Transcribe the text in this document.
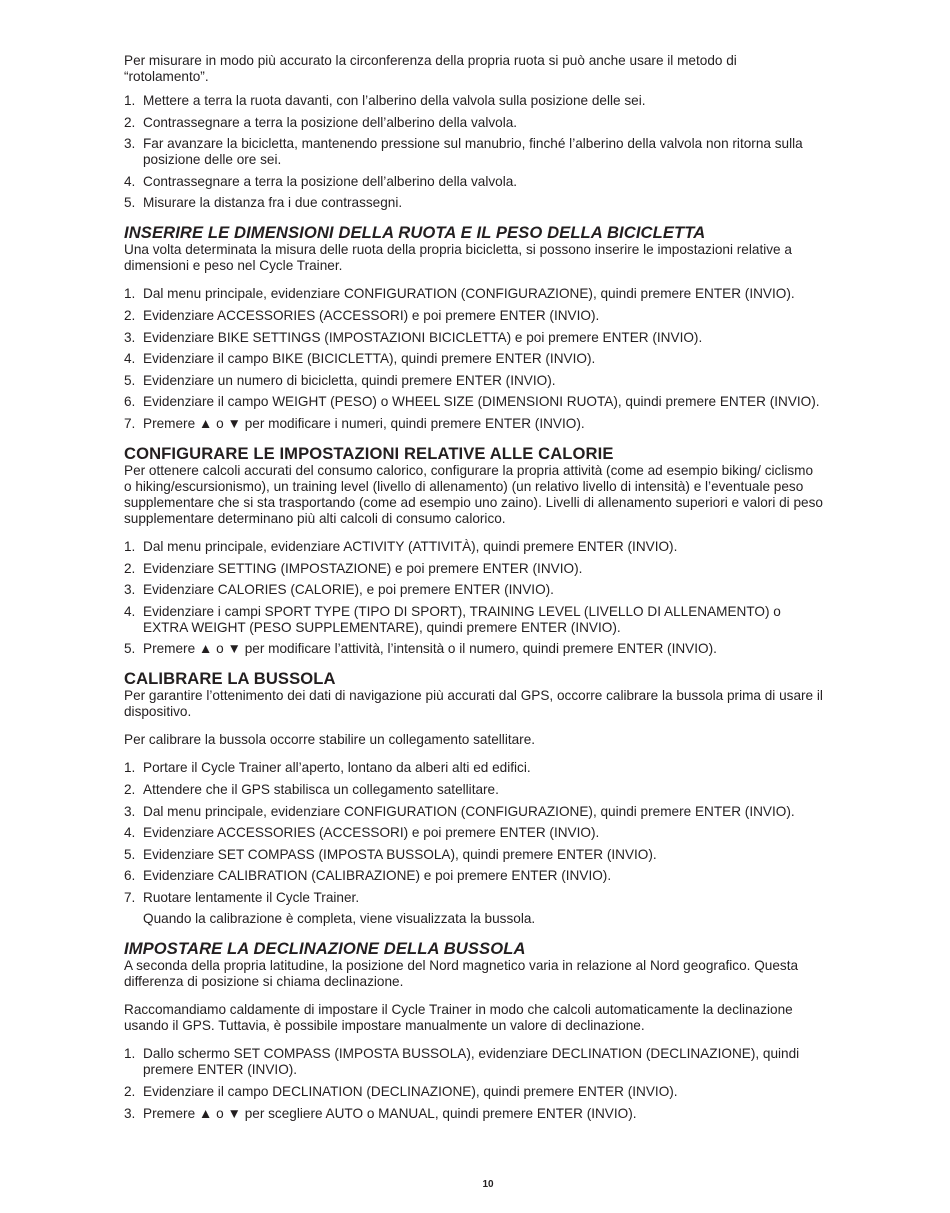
Per misurare in modo più accurato la circonferenza della propria ruota si può anche usare il metodo di “rotolamento”.

1. Mettere a terra la ruota davanti, con l’alberino della valvola sulla posizione delle sei.
2. Contrassegnare a terra la posizione dell’alberino della valvola.
3. Far avanzare la bicicletta, mantenendo pressione sul manubrio, finché l’alberino della valvola non ritorna sulla posizione delle ore sei.
4. Contrassegnare a terra la posizione dell’alberino della valvola.
5. Misurare la distanza fra i due contrassegni.
INSERIRE LE DIMENSIONI DELLA RUOTA E IL PESO DELLA BICICLETTA

Una volta determinata la misura delle ruota della propria bicicletta, si possono inserire le impostazioni relative a dimensioni e peso nel Cycle Trainer.

1. Dal menu principale, evidenziare CONFIGURATION (CONFIGURAZIONE), quindi premere ENTER (INVIO).
2. Evidenziare ACCESSORIES (ACCESSORI) e poi premere ENTER (INVIO).
3. Evidenziare BIKE SETTINGS (IMPOSTAZIONI BICICLETTA) e poi premere ENTER (INVIO).
4. Evidenziare il campo BIKE (BICICLETTA), quindi premere ENTER (INVIO).
5. Evidenziare un numero di bicicletta, quindi premere ENTER (INVIO).
6. Evidenziare il campo WEIGHT (PESO) o WHEEL SIZE (DIMENSIONI RUOTA), quindi premere ENTER (INVIO).
7. Premere ▲ o ▼ per modificare i numeri, quindi premere ENTER (INVIO).
CONFIGURARE LE IMPOSTAZIONI RELATIVE ALLE CALORIE

Per ottenere calcoli accurati del consumo calorico, configurare la propria attività (come ad esempio biking/ ciclismo o hiking/escursionismo), un training level (livello di allenamento) (un relativo livello di intensità) e l’eventuale peso supplementare che si sta trasportando (come ad esempio uno zaino). Livelli di allenamento superiori e valori di peso supplementare determinano più alti calcoli di consumo calorico.

1. Dal menu principale, evidenziare ACTIVITY (ATTIVITÀ), quindi premere ENTER (INVIO).
2. Evidenziare SETTING (IMPOSTAZIONE) e poi premere ENTER (INVIO).
3. Evidenziare CALORIES (CALORIE), e poi premere ENTER (INVIO).
4. Evidenziare i campi SPORT TYPE (TIPO DI SPORT), TRAINING LEVEL (LIVELLO DI ALLENAMENTO) o EXTRA WEIGHT (PESO SUPPLEMENTARE), quindi premere ENTER (INVIO).
5. Premere ▲ o ▼ per modificare l’attività, l’intensità o il numero, quindi premere ENTER (INVIO).
CALIBRARE LA BUSSOLA

Per garantire l’ottenimento dei dati di navigazione più accurati dal GPS, occorre calibrare la bussola prima di usare il dispositivo.

Per calibrare la bussola occorre stabilire un collegamento satellitare.

1. Portare il Cycle Trainer all’aperto, lontano da alberi alti ed edifici.
2. Attendere che il GPS stabilisca un collegamento satellitare.
3. Dal menu principale, evidenziare CONFIGURATION (CONFIGURAZIONE), quindi premere ENTER (INVIO).
4. Evidenziare ACCESSORIES (ACCESSORI) e poi premere ENTER (INVIO).
5. Evidenziare SET COMPASS (IMPOSTA BUSSOLA), quindi premere ENTER (INVIO).
6. Evidenziare CALIBRATION (CALIBRAZIONE) e poi premere ENTER (INVIO).
7. Ruotare lentamente il Cycle Trainer.

Quando la calibrazione è completa, viene visualizzata la bussola.

IMPOSTARE LA DECLINAZIONE DELLA BUSSOLA

A seconda della propria latitudine, la posizione del Nord magnetico varia in relazione al Nord geografico. Questa differenza di posizione si chiama declinazione.

Raccomandiamo caldamente di impostare il Cycle Trainer in modo che calcoli automaticamente la declinazione usando il GPS. Tuttavia, è possibile impostare manualmente un valore di declinazione.

1. Dallo schermo SET COMPASS (IMPOSTA BUSSOLA), evidenziare DECLINATION (DECLINAZIONE), quindi premere ENTER (INVIO).
2. Evidenziare il campo DECLINATION (DECLINAZIONE), quindi premere ENTER (INVIO).
3. Premere ▲ o ▼ per scegliere AUTO o MANUAL, quindi premere ENTER (INVIO).
10
